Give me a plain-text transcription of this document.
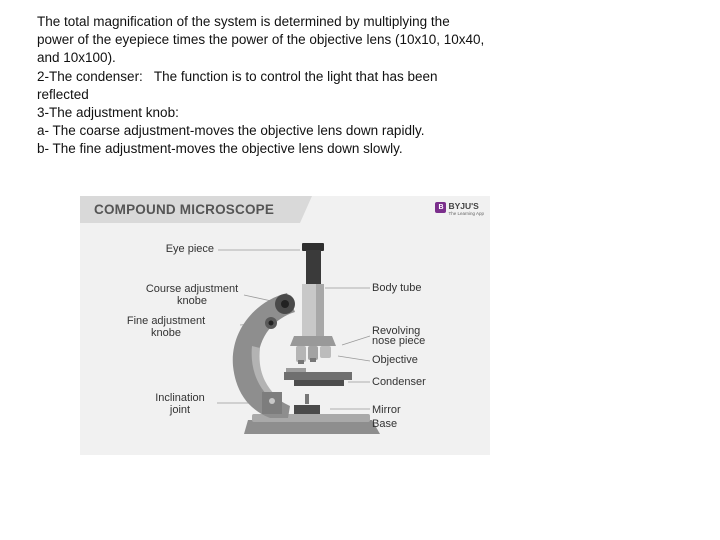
The total magnification of the system is determined by multiplying the

power of the eyepiece times the power of the objective lens (10x10, 10x40,

and 10x100).

2-The condenser:   The function is to control the light that has been

reflected

3-The adjustment knob:

a- The coarse adjustment-moves the objective lens down rapidly.

b- The fine adjustment-moves the objective lens down slowly.

COMPOUND MICROSCOPE	B BYJU'S
The Learning App
Eye piece
Course adjustment
knobe
Fine adjustment
knobe
Inclination
joint
Body tube
Revolving
nose piece
Objective
Condenser
Mirror
Base
